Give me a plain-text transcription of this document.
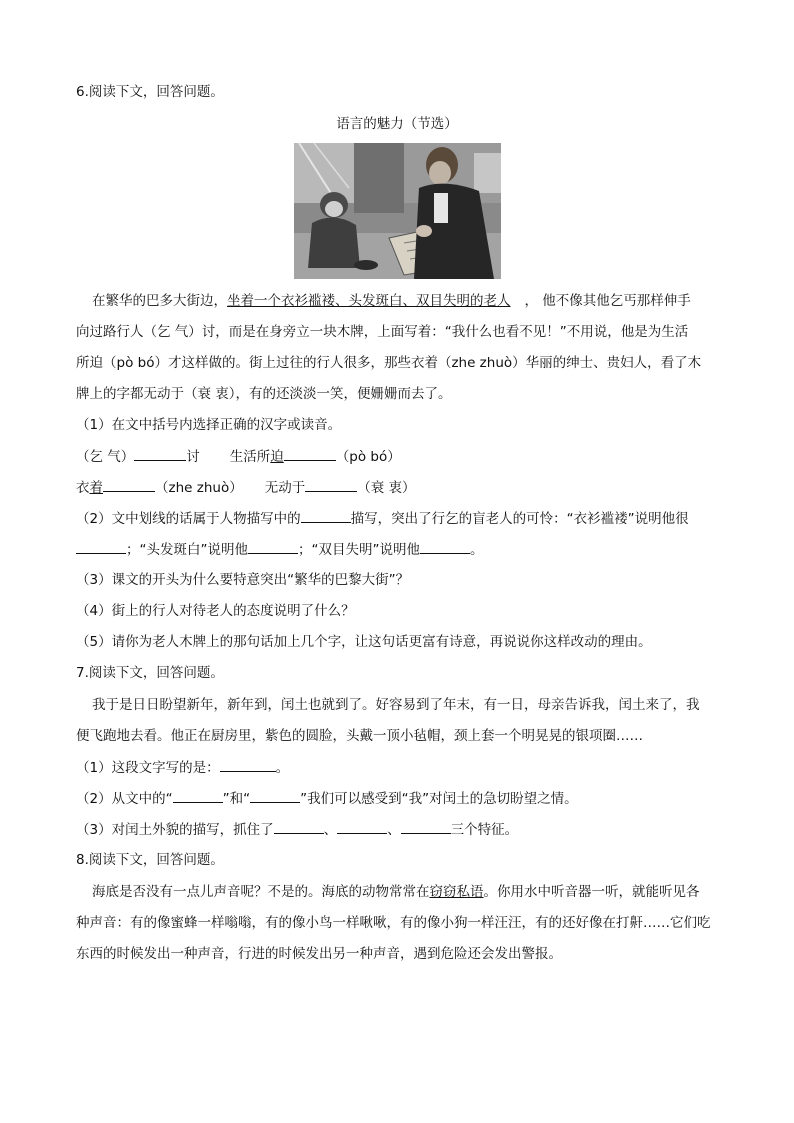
6.阅读下文，回答问题。
语言的魅力（节选）
在繁华的巴多大街边，坐着一个衣衫褴褛、头发斑白、双目失明的老人 ， 他不像其他乞丐那样伸手
向过路行人（乞 气）讨，而是在身旁立一块木牌，上面写着：“我什么也看不见！”不用说，他是为生活
所迫（pò bó）才这样做的。街上过往的行人很多，那些衣着（zhe zhuò）华丽的绅士、贵妇人，看了木
牌上的字都无动于（衰 衷），有的还淡淡一笑，便姗姗而去了。
（1）在文中括号内选择正确的汉字或读音。
（乞 气）	讨 生活所迫	（pò bó）
衣着	（zhe zhuò） 无动于	（衰 衷）
（2）文中划线的话属于人物描写中的	描写，突出了行乞的盲老人的可怜：“衣衫褴褛”说明他很
；“头发斑白”说明他	；“双目失明”说明他	。
（3）课文的开头为什么要特意突出“繁华的巴黎大街”？
（4）街上的行人对待老人的态度说明了什么？
（5）请你为老人木牌上的那句话加上几个字，让这句话更富有诗意，再说说你这样改动的理由。
7.阅读下文，回答问题。
我于是日日盼望新年，新年到，闰土也就到了。好容易到了年末，有一日，母亲告诉我，闰土来了，我
便飞跑地去看。他正在厨房里，紫色的圆脸，头戴一顶小毡帽，颈上套一个明晃晃的银项圈……
（1）这段文字写的是：	。
（2）从文中的“	”和“	”我们可以感受到“我”对闰土的急切盼望之情。
（3）对闰土外貌的描写，抓住了	、	、	三个特征。
8.阅读下文，回答问题。
海底是否没有一点儿声音呢？不是的。海底的动物常常在窃窃私语。你用水中听音器一听，就能听见各
种声音：有的像蜜蜂一样嗡嗡，有的像小鸟一样啾啾，有的像小狗一样汪汪，有的还好像在打鼾……它们吃
东西的时候发出一种声音，行进的时候发出另一种声音，遇到危险还会发出警报。
